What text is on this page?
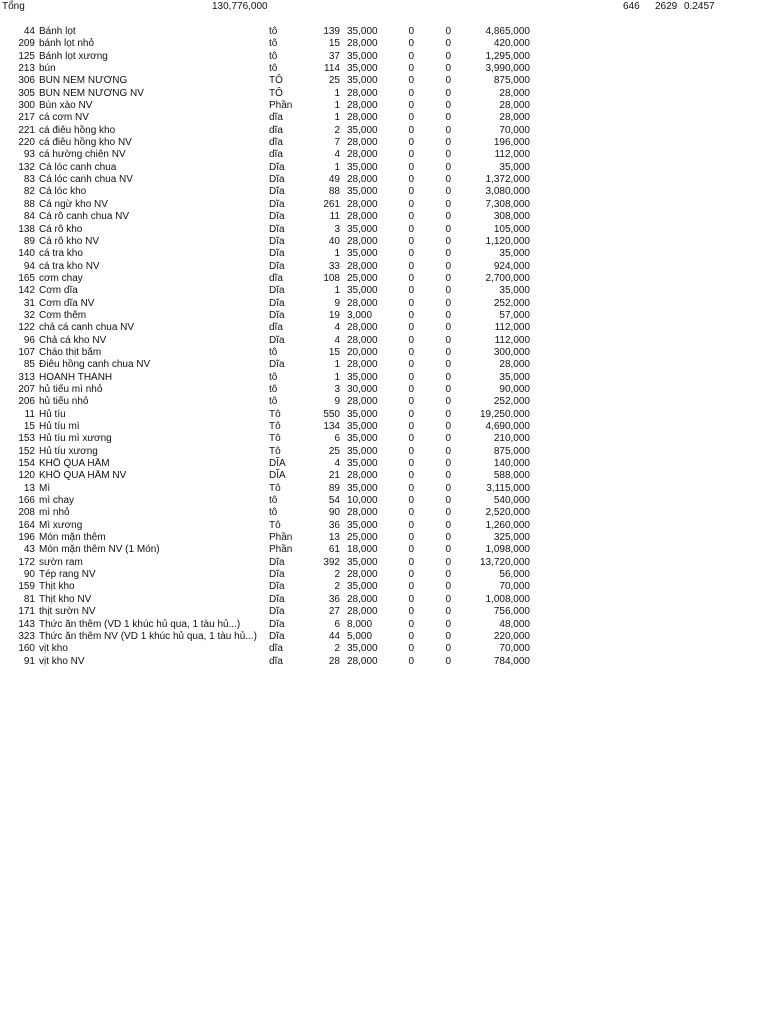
Tổng	130,776,000	646 2629 0.2457
44 Bánh lọt	tô	139 35,000	0	0	4,865,000
209 bánh lọt nhỏ	tô	15 28,000	0	0	420,000
125 Bánh lọt xương	tô	37 35,000	0	0	1,295,000
213 bún	tô	114 35,000	0	0	3,990,000
306 BÚN NEM NƯỚNG	TÔ	25 35,000	0	0	875,000
305 BÚN NEM NƯỚNG NV	TÔ	1 28,000	0	0	28,000
300 Bún xào NV	Phần	1 28,000	0	0	28,000
217 cá cơm NV	dĩa	1 28,000	0	0	28,000
221 cá điêu hồng kho	dĩa	2 35,000	0	0	70,000
220 cá điêu hồng kho NV	dĩa	7 28,000	0	0	196,000
93 cá hường chiên NV	dĩa	4 28,000	0	0	112,000
132 Cá lóc canh chua	Dĩa	1 35,000	0	0	35,000
83 Cá lóc canh chua NV	Dĩa	49 28,000	0	0	1,372,000
82 Cá lóc kho	Dĩa	88 35,000	0	0	3,080,000
88 Cá ngừ kho NV	Dĩa	261 28,000	0	0	7,308,000
84 Cá rô canh chua NV	Dĩa	11 28,000	0	0	308,000
138 Cá rô kho	Dĩa	3 35,000	0	0	105,000
89 Cá rô kho NV	Dĩa	40 28,000	0	0	1,120,000
140 cá tra kho	Dĩa	1 35,000	0	0	35,000
94 cá tra kho NV	Dĩa	33 28,000	0	0	924,000
165 cơm chay	dĩa	108 25,000	0	0	2,700,000
142 Cơm dĩa	Dĩa	1 35,000	0	0	35,000
31 Cơm dĩa NV	Dĩa	9 28,000	0	0	252,000
32 Cơm thêm	Dĩa	19 3,000	0	0	57,000
122 chả cá canh chua NV	dĩa	4 28,000	0	0	112,000
96 Chả cá kho NV	Dĩa	4 28,000	0	0	112,000
107 Cháo thịt bằm	tô	15 20,000	0	0	300,000
85 Điêu hồng canh chua NV	Dĩa	1 28,000	0	0	28,000
313 HOÀNH THÁNH	tô	1 35,000	0	0	35,000
207 hủ tiếu mì nhỏ	tô	3 30,000	0	0	90,000
206 hủ tiếu nhỏ	tô	9 28,000	0	0	252,000
11 Hủ tíu	Tô	550 35,000	0	0	19,250,000
15 Hủ tíu mì	Tô	134 35,000	0	0	4,690,000
153 Hủ tíu mì xương	Tô	6 35,000	0	0	210,000
152 Hủ tíu xương	Tô	25 35,000	0	0	875,000
154 KHỔ QUA HẦM	DĨA	4 35,000	0	0	140,000
120 KHỔ QUA HẦM NV	DĨA	21 28,000	0	0	588,000
13 Mì	Tô	89 35,000	0	0	3,115,000
166 mì chay	tô	54 10,000	0	0	540,000
208 mì nhỏ	tô	90 28,000	0	0	2,520,000
164 Mì xương	Tô	36 35,000	0	0	1,260,000
196 Món mặn thêm	Phần	13 25,000	0	0	325,000
43 Món mặn thêm NV (1 Món)	Phần	61 18,000	0	0	1,098,000
172 sườn ram	Dĩa	392 35,000	0	0	13,720,000
90 Tép rang NV	Dĩa	2 28,000	0	0	56,000
159 Thịt kho	Dĩa	2 35,000	0	0	70,000
81 Thịt kho NV	Dĩa	36 28,000	0	0	1,008,000
171 thịt sườn NV	Dĩa	27 28,000	0	0	756,000
143 Thức ăn thêm (VD 1 khúc hủ qua, 1 tàu hủ...)	Dĩa	6 8,000	0	0	48,000
323 Thức ăn thêm NV (VD 1 khúc hủ qua, 1 tàu hủ...)	Dĩa	44 5,000	0	0	220,000
160 vịt kho	dĩa	2 35,000	0	0	70,000
91 vịt kho NV	dĩa	28 28,000	0	0	784,000
